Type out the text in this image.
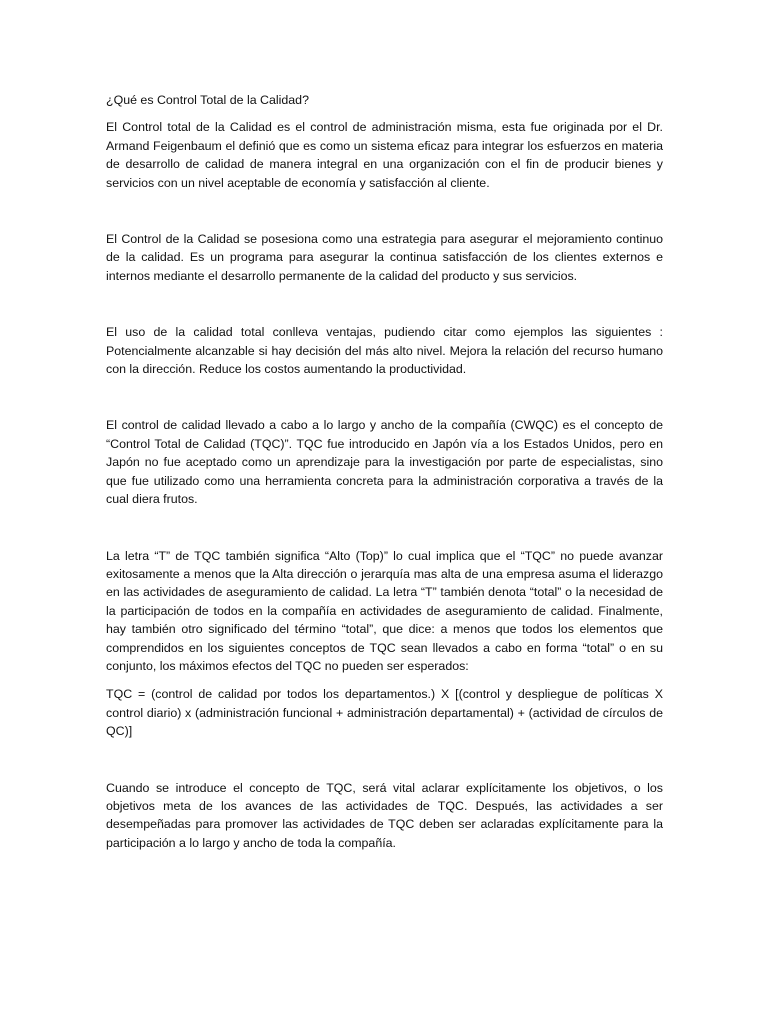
¿Qué es Control Total de la Calidad?

El Control total de la Calidad es el control de administración misma, esta fue originada por el Dr. Armand Feigenbaum el definió que es como un sistema eficaz para integrar los esfuerzos en materia de desarrollo de calidad de manera integral en una organización con el fin de producir bienes y servicios con un nivel aceptable de economía y satisfacción al cliente.

El Control de la Calidad se posesiona como una estrategia para asegurar el mejoramiento continuo de la calidad. Es un programa para asegurar la continua satisfacción de los clientes externos e internos mediante el desarrollo permanente de la calidad del producto y sus servicios.

El uso de la calidad total conlleva ventajas, pudiendo citar como ejemplos las siguientes : Potencialmente alcanzable si hay decisión del más alto nivel. Mejora la relación del recurso humano con la dirección. Reduce los costos aumentando la productividad.

El control de calidad llevado a cabo a lo largo y ancho de la compañía (CWQC) es el concepto de “Control Total de Calidad (TQC)”. TQC fue introducido en Japón vía a los Estados Unidos, pero en Japón no fue aceptado como un aprendizaje para la investigación por parte de especialistas, sino que fue utilizado como una herramienta concreta para la administración corporativa a través de la cual diera frutos.

La letra “T” de TQC también significa “Alto (Top)” lo cual implica que el “TQC” no puede avanzar exitosamente a menos que la Alta dirección o jerarquía mas alta de una empresa asuma el liderazgo en las actividades de aseguramiento de calidad. La letra “T” también denota “total” o la necesidad de la participación de todos en la compañía en actividades de aseguramiento de calidad. Finalmente, hay también otro significado del término “total”, que dice: a menos que todos los elementos que comprendidos en los siguientes conceptos de TQC sean llevados a cabo en forma “total” o en su conjunto, los máximos efectos del TQC no pueden ser esperados:

TQC = (control de calidad por todos los departamentos.) X [(control y despliegue de políticas X control diario) x (administración funcional + administración departamental) + (actividad de círculos de QC)]

Cuando se introduce el concepto de TQC, será vital aclarar explícitamente los objetivos, o los objetivos meta de los avances de las actividades de TQC. Después, las actividades a ser desempeñadas para promover las actividades de TQC deben ser aclaradas explícitamente para la participación a lo largo y ancho de toda la compañía.
